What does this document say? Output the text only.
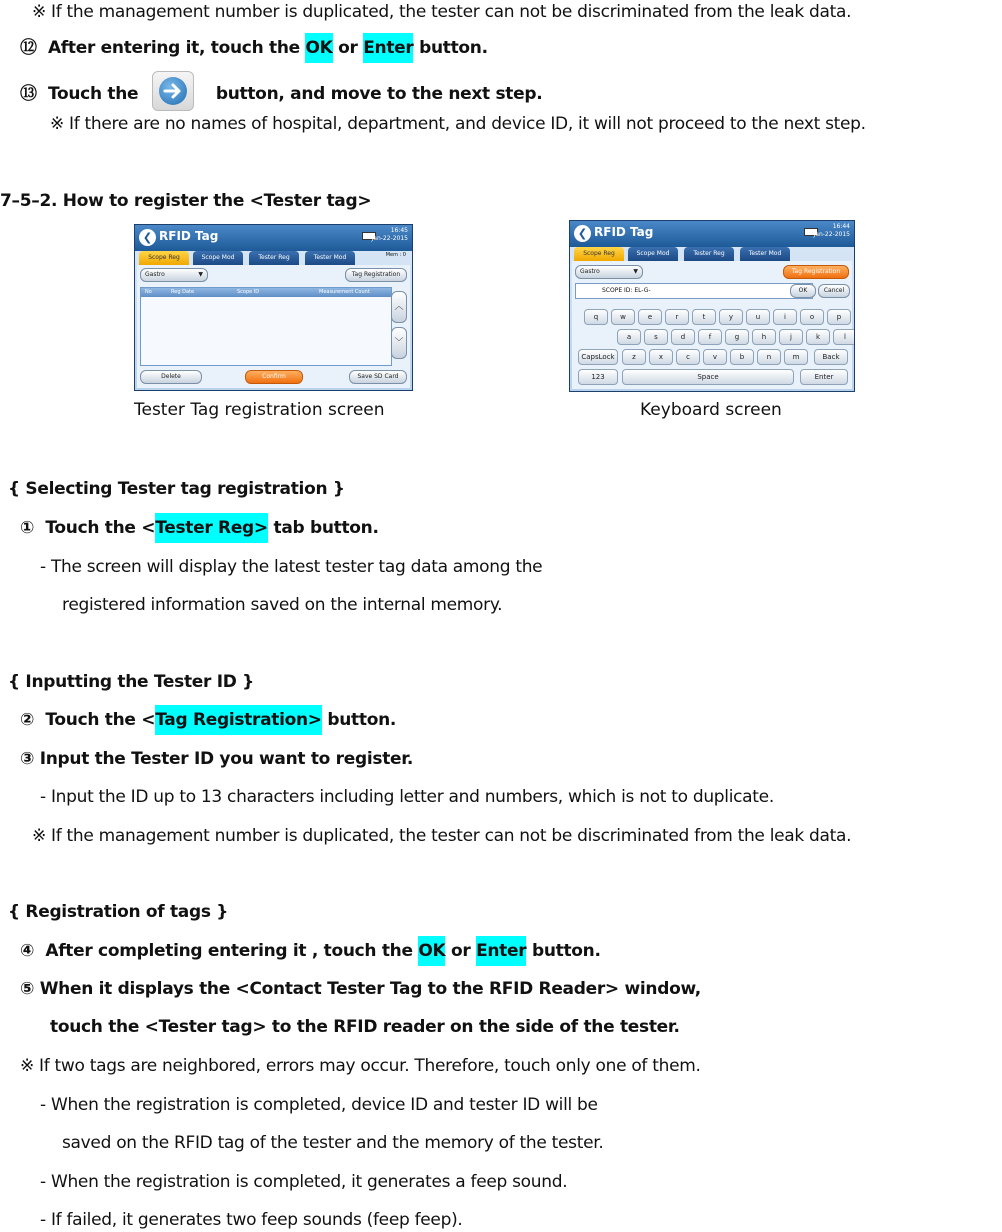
※ If the management number is duplicated, the tester can not be discriminated from the leak data.
⑫ After entering it, touch the OK or Enter button.
⑬ Touch the	button, and move to the next step.
※ If there are no names of hospital, department, and device ID, it will not proceed to the next step.
7–5–2. How to register the <Tester tag>
❮ RFID Tag	16:45
Jan-22-2015
Scope Reg	Scope Mod	Tester Reg	Tester Mod	Mem : 0
Gastro	▼	Tag Registration
No	Reg Date	Scope ID	Measurement Count
︿
﹀
Delete	Confirm	Save SD Card
Tester Tag registration screen
❮ RFID Tag	16:44
Jan-22-2015
Scope Reg	Scope Mod	Tester Reg	Tester Mod
Gastro	▼	Tag Registration
SCOPE ID: EL-G-	OK	Cancel
q	w	e	r	t	y	u	i	o	p
a	s	d	f	g	h	j	k	l
CapsLock	z	x	c	v	b	n	m	Back
123	Space	Enter
Keyboard screen
{ Selecting Tester tag registration }
① Touch the <Tester Reg> tab button.
- The screen will display the latest tester tag data among the
registered information saved on the internal memory.
{ Inputting the Tester ID }
② Touch the <Tag Registration> button.
③ Input the Tester ID you want to register.
- Input the ID up to 13 characters including letter and numbers, which is not to duplicate.
※ If the management number is duplicated, the tester can not be discriminated from the leak data.
{ Registration of tags }
④ After completing entering it , touch the OK or Enter button.
⑤ When it displays the <Contact Tester Tag to the RFID Reader> window,
touch the <Tester tag> to the RFID reader on the side of the tester.
※ If two tags are neighbored, errors may occur. Therefore, touch only one of them.
- When the registration is completed, device ID and tester ID will be
saved on the RFID tag of the tester and the memory of the tester.
- When the registration is completed, it generates a feep sound.
- If failed, it generates two feep sounds (feep feep).
